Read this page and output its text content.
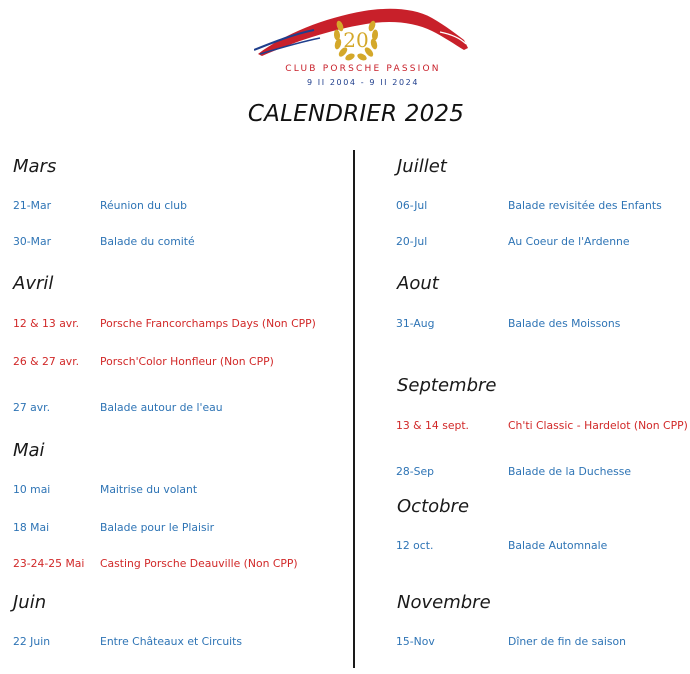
20
CLUB PORSCHE PASSION
9 II 2004 - 9 II 2024
CALENDRIER 2025
Mars
21-Mar	Réunion du club
30-Mar	Balade du comité
Avril
12 & 13 avr. Porsche Francorchamps Days (Non CPP)
26 & 27 avr. Porsch'Color Honfleur (Non CPP)
27 avr.	Balade autour de l'eau
Mai
10 mai	Maitrise du volant
18 Mai	Balade pour le Plaisir
23-24-25 Mai Casting Porsche Deauville (Non CPP)
Juin
22 Juin	Entre Châteaux et Circuits
Juillet
06-Jul	Balade revisitée des Enfants
20-Jul	Au Coeur de l'Ardenne
Aout
31-Aug	Balade des Moissons
Septembre
13 & 14 sept.	Ch'ti Classic - Hardelot (Non CPP)
28-Sep	Balade de la Duchesse
Octobre
12 oct.	Balade Automnale
Novembre
15-Nov	Dîner de fin de saison
